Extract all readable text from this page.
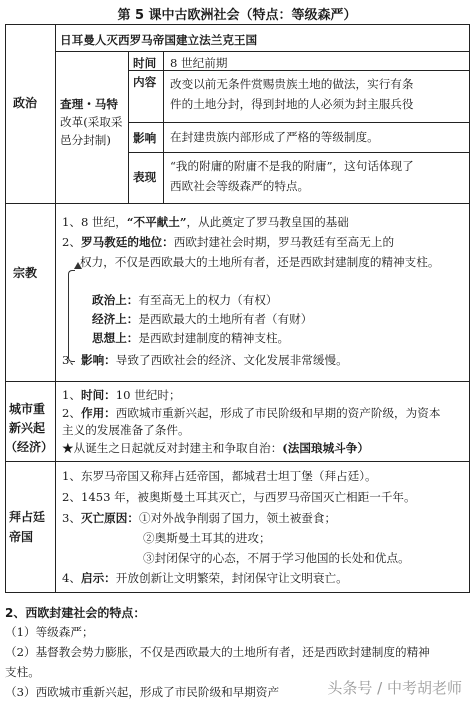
第 5 课中古欧洲社会（特点：等级森严）
政治
日耳曼人灭西罗马帝国建立法兰克王国
查理・马特
改革(采取采
邑分封制)
时间 8 世纪前期
内容 改变以前无条件赏赐贵族土地的做法，实行有条
件的土地分封，得到封地的人必须为封主服兵役
影响 在封建贵族内部形成了严格的等级制度。
表现
“我的附庸的附庸不是我的附庸”，这句话体现了
西欧社会等级森严的特点。
宗教
1、8 世纪，“不平献土”，从此奠定了罗马教皇国的基础
2、罗马教廷的地位：西欧封建社会时期，罗马教廷有至高无上的
权力，不仅是西欧最大的土地所有者，还是西欧封建制度的精神支柱。
政治上：有至高无上的权力（有权）
经济上：是西欧最大的土地所有者（有财）
思想上：是西欧封建制度的精神支柱。
3、影响：导致了西欧社会的经济、文化发展非常缓慢。
城市重
新兴起
（经济）
1、时间：10 世纪时；
2、作用：西欧城市重新兴起，形成了市民阶级和早期的资产阶级，为资本
主义的发展准备了条件。
★从诞生之日起就反对封建主和争取自治：(法国琅城斗争）
拜占廷
帝国
1、东罗马帝国又称拜占廷帝国，都城君士坦丁堡（拜占廷）。
2、1453 年，被奥斯曼土耳其灭亡，与西罗马帝国灭亡相距一千年。
3、灭亡原因：①对外战争削弱了国力，领土被蚕食；
②奥斯曼土耳其的进攻；
③封闭保守的心态，不屑于学习他国的长处和优点。
4、启示：开放创新让文明繁荣，封闭保守让文明衰亡。
2、西欧封建社会的特点：
（1）等级森严；
（2）基督教会势力膨胀，不仅是西欧最大的土地所有者，还是西欧封建制度的精神
支柱。
（3）西欧城市重新兴起，形成了市民阶级和早期资产	头条号 / 中考胡老师
